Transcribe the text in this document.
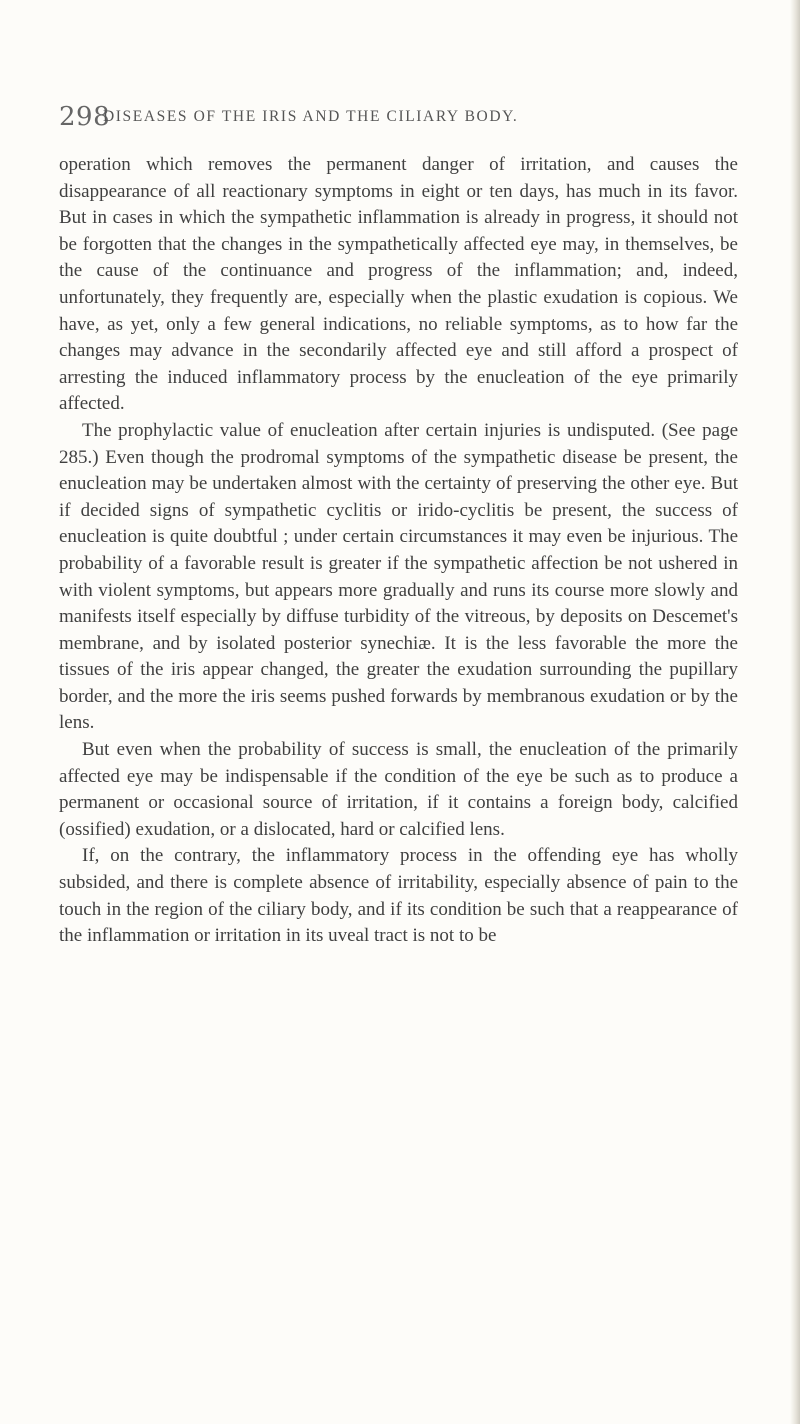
298
DISEASES OF THE IRIS AND THE CILIARY BODY.

operation which removes the permanent danger of irritation, and causes the disappearance of all reactionary symptoms in eight or ten days, has much in its favor. But in cases in which the sympathetic inflammation is already in progress, it should not be forgotten that the changes in the sympathetically affected eye may, in themselves, be the cause of the continuance and progress of the inflammation; and, indeed, unfortunately, they frequently are, especially when the plastic exudation is copious. We have, as yet, only a few general indications, no reliable symptoms, as to how far the changes may advance in the secondarily affected eye and still afford a prospect of arresting the induced inflammatory process by the enucleation of the eye primarily affected.

The prophylactic value of enucleation after certain injuries is undisputed. (See page 285.) Even though the prodromal symptoms of the sympathetic disease be present, the enucleation may be undertaken almost with the certainty of preserving the other eye. But if decided signs of sympathetic cyclitis or irido-cyclitis be present, the success of enucleation is quite doubtful ; under certain circumstances it may even be injurious. The probability of a favorable result is greater if the sympathetic affection be not ushered in with violent symptoms, but appears more gradually and runs its course more slowly and manifests itself especially by diffuse turbidity of the vitreous, by deposits on Descemet's membrane, and by isolated posterior synechiæ. It is the less favorable the more the tissues of the iris appear changed, the greater the exudation surrounding the pupillary border, and the more the iris seems pushed forwards by membranous exudation or by the lens.

But even when the probability of success is small, the enucleation of the primarily affected eye may be indispensable if the condition of the eye be such as to produce a permanent or occasional source of irritation, if it contains a foreign body, calcified (ossified) exudation, or a dislocated, hard or calcified lens.

If, on the contrary, the inflammatory process in the offending eye has wholly subsided, and there is complete absence of irritability, especially absence of pain to the touch in the region of the ciliary body, and if its condition be such that a reappearance of the inflammation or irritation in its uveal tract is not to be
